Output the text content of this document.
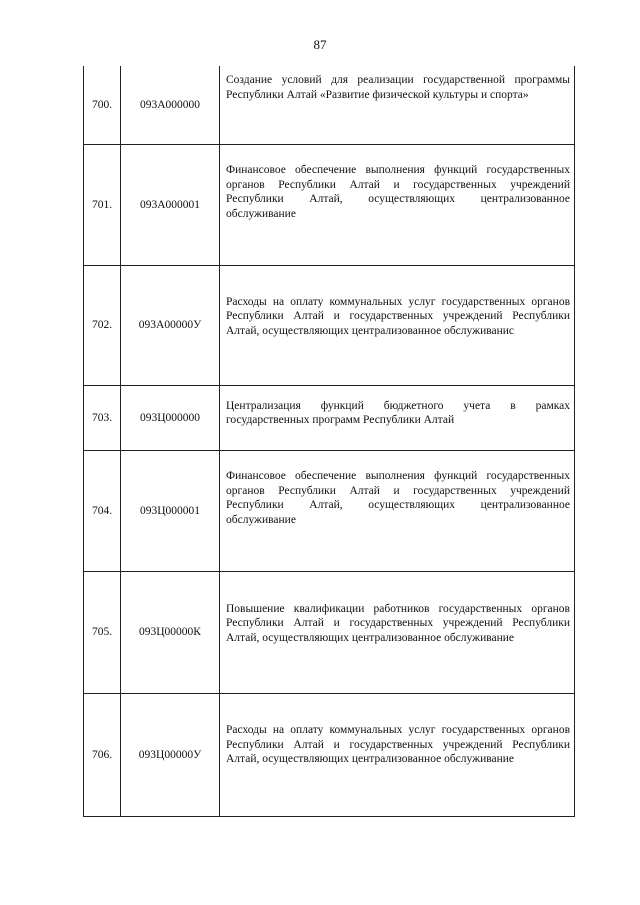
87
700.	093А000000	Создание условий для реализации государственной программы Республики Алтай «Развитие физической культуры и спорта»

701.	093А000001	Финансовое обеспечение выполнения функций государственных органов Республики Алтай и государственных учреждений Республики Алтай, осуществляющих централизованное обслуживание

702.	093А00000У	Расходы на оплату коммунальных услуг государственных органов Республики Алтай и государственных учреждений Республики Алтай, осуществляющих централизованное обслуживанис

703.	093Ц000000	Централизация функций бюджетного учета в рамках государственных программ Республики Алтай

704.	093Ц000001	Финансовое обеспечение выполнения функций государственных органов Республики Алтай и государственных учреждений Республики Алтай, осуществляющих централизованное обслуживание

705.	093Ц00000К	Повышение квалификации работников государственных органов Республики Алтай и государственных учреждений Республики Алтай, осуществляющих централизованное обслуживание

706.	093Ц00000У	Расходы на оплату коммунальных услуг государственных органов Республики Алтай и государственных учреждений Республики Алтай, осуществляющих централизованное обслуживание
